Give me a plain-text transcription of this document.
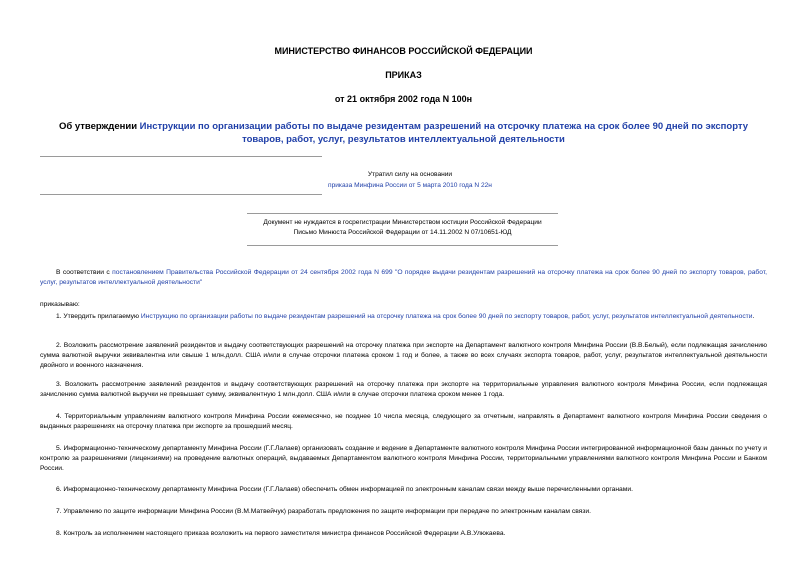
МИНИСТЕРСТВО ФИНАНСОВ РОССИЙСКОЙ ФЕДЕРАЦИИ
ПРИКАЗ
от 21 октября 2002 года N 100н
Об утверждении Инструкции по организации работы по выдаче резидентам разрешений на отсрочку платежа на срок более 90 дней по экспорту товаров, работ, услуг, результатов интеллектуальной деятельности
Утратил силу на основании
приказа Минфина России от 5 марта 2010 года N 22н
Документ не нуждается в госрегистрации Министерством юстиции Российской Федерации
Письмо Минюста Российской Федерации от 14.11.2002 N 07/10651-ЮД
В соответствии с постановлением Правительства Российской Федерации от 24 сентября 2002 года N 699 "О порядке выдачи резидентам разрешений на отсрочку платежа на срок более 90 дней по экспорту товаров, работ, услуг, результатов интеллектуальной деятельности"
приказываю:
1. Утвердить прилагаемую Инструкцию по организации работы по выдаче резидентам разрешений на отсрочку платежа на срок более 90 дней по экспорту товаров, работ, услуг, результатов интеллектуальной деятельности.
2. Возложить рассмотрение заявлений резидентов и выдачу соответствующих разрешений на отсрочку платежа при экспорте на Департамент валютного контроля Минфина России (В.В.Белый), если подлежащая зачислению сумма валютной выручки эквивалентна или свыше 1 млн.долл. США и/или в случае отсрочки платежа сроком 1 год и более, а также во всех случаях экспорта товаров, работ, услуг, результатов интеллектуальной деятельности двойного и военного назначения.
3. Возложить рассмотрение заявлений резидентов и выдачу соответствующих разрешений на отсрочку платежа при экспорте на территориальные управления валютного контроля Минфина России, если подлежащая зачислению сумма валютной выручки не превышает сумму, эквивалентную 1 млн.долл. США и/или в случае отсрочки платежа сроком менее 1 года.
4. Территориальным управлениям валютного контроля Минфина России ежемесячно, не позднее 10 числа месяца, следующего за отчетным, направлять в Департамент валютного контроля Минфина России сведения о выданных разрешениях на отсрочку платежа при экспорте за прошедший месяц.
5. Информационно-техническому департаменту Минфина России (Г.Г.Лалаев) организовать создание и ведение в Департаменте валютного контроля Минфина России интегрированной информационной базы данных по учету и контролю за разрешениями (лицензиями) на проведение валютных операций, выдаваемых Департаментом валютного контроля Минфина России, территориальными управлениями валютного контроля Минфина России и Банком России.
6. Информационно-техническому департаменту Минфина России (Г.Г.Лалаев) обеспечить обмен информацией по электронным каналам связи между выше перечисленными органами.
7. Управлению по защите информации Минфина России (В.М.Матвейчук) разработать предложения по защите информации при передаче по электронным каналам связи.
8. Контроль за исполнением настоящего приказа возложить на первого заместителя министра финансов Российской Федерации А.В.Улюкаева.
